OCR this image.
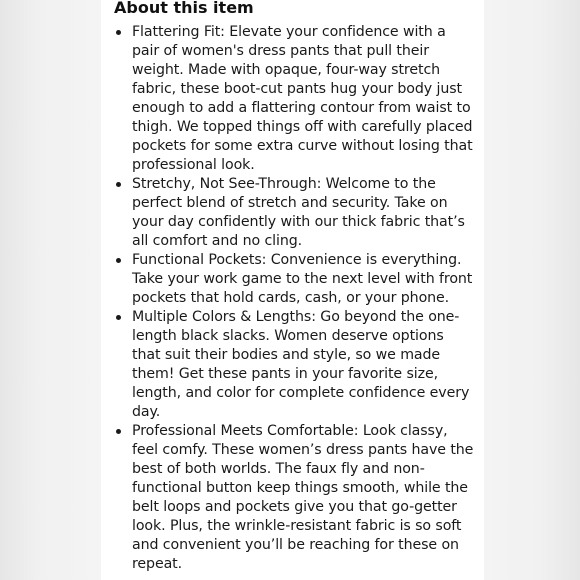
About this item
Flattering Fit: Elevate your confidence with a pair of women's dress pants that pull their weight. Made with opaque, four-way stretch fabric, these boot-cut pants hug your body just enough to add a flattering contour from waist to thigh. We topped things off with carefully placed pockets for some extra curve without losing that professional look.
Stretchy, Not See-Through: Welcome to the perfect blend of stretch and security. Take on your day confidently with our thick fabric that’s all comfort and no cling.
Functional Pockets: Convenience is everything. Take your work game to the next level with front pockets that hold cards, cash, or your phone.
Multiple Colors & Lengths: Go beyond the one-length black slacks. Women deserve options that suit their bodies and style, so we made them! Get these pants in your favorite size, length, and color for complete confidence every day.
Professional Meets Comfortable: Look classy, feel comfy. These women’s dress pants have the best of both worlds. The faux fly and non-functional button keep things smooth, while the belt loops and pockets give you that go-getter look. Plus, the wrinkle-resistant fabric is so soft and convenient you’ll be reaching for these on repeat.
